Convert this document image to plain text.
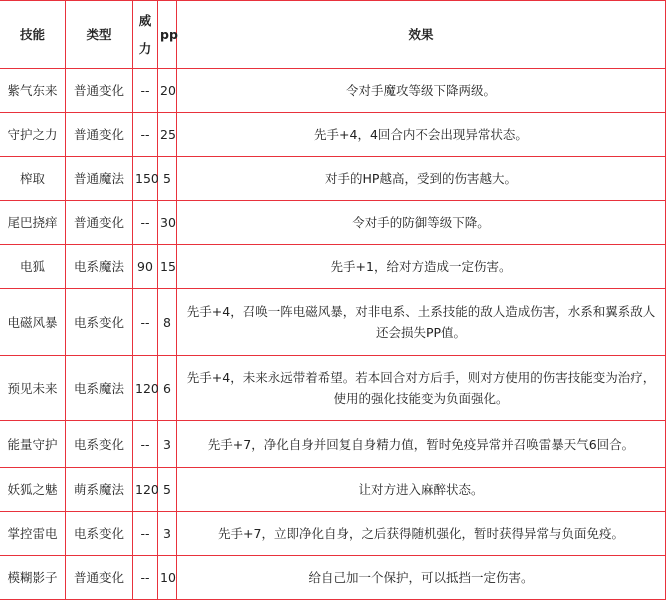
技能	类型	威力	pp	效果
紫气东来	普通变化	--	20	令对手魔攻等级下降两级。
守护之力	普通变化	--	25	先手+4，4回合内不会出现异常状态。
榨取	普通魔法	150	5	对手的HP越高，受到的伤害越大。
尾巴挠痒	普通变化	--	30	令对手的防御等级下降。
电狐	电系魔法	90	15	先手+1，给对方造成一定伤害。
电磁风暴	电系变化	--	8	先手+4，召唤一阵电磁风暴，对非电系、土系技能的敌人造成伤害，水系和翼系敌人还会损失PP值。
预见未来	电系魔法	120	6	先手+4，未来永远带着希望。若本回合对方后手，则对方使用的伤害技能变为治疗，使用的强化技能变为负面强化。
能量守护	电系变化	--	3	先手+7，净化自身并回复自身精力值，暂时免疫异常并召唤雷暴天气6回合。
妖狐之魅	萌系魔法	120	5	让对方进入麻醉状态。
掌控雷电	电系变化	--	3	先手+7，立即净化自身，之后获得随机强化，暂时获得异常与负面免疫。
模糊影子	普通变化	--	10	给自己加一个保护，可以抵挡一定伤害。
